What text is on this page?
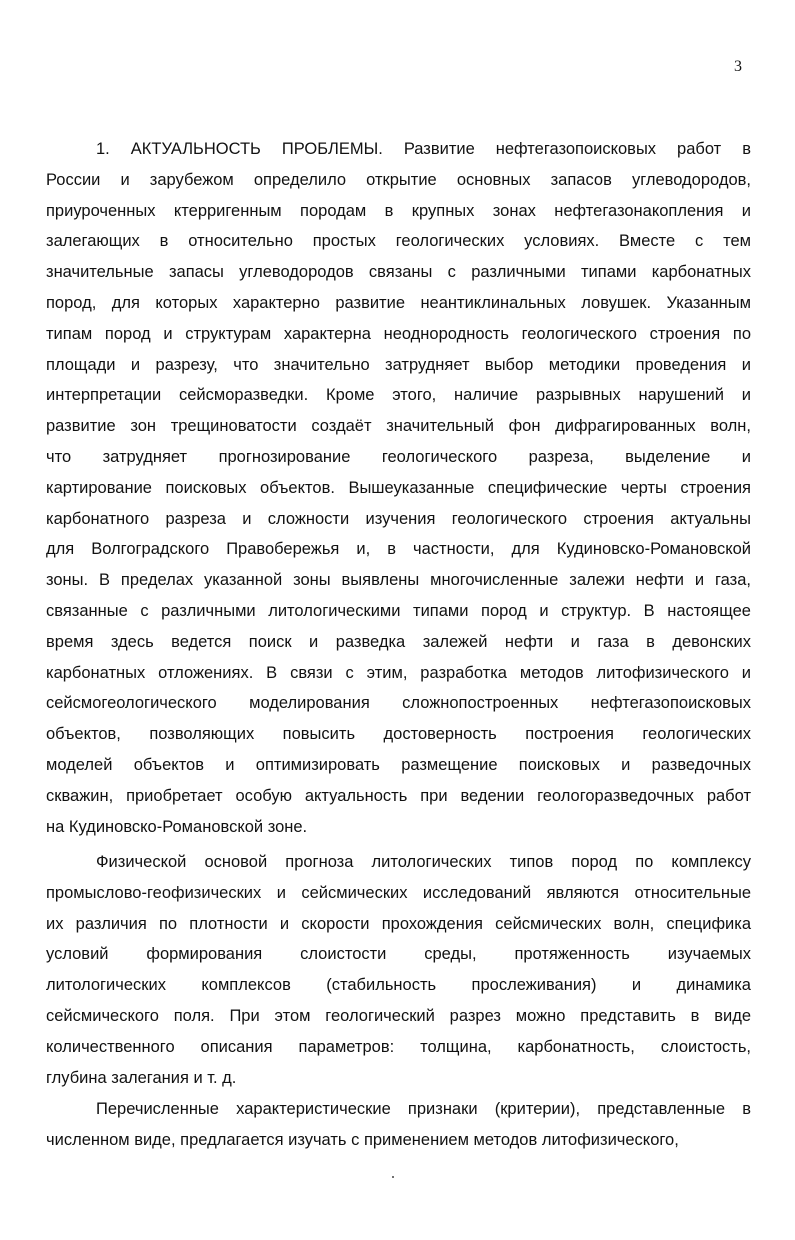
3
1. АКТУАЛЬНОСТЬ ПРОБЛЕМЫ. Развитие нефтегазопоисковых работ в
России и зарубежом определило открытие основных запасов углеводородов,
приуроченных ктерригенным породам в крупных зонах нефтегазонакопления и
залегающих в относительно простых геологических условиях. Вместе с тем
значительные запасы углеводородов связаны с различными типами карбонатных
пород, для которых характерно развитие неантиклинальных ловушек. Указанным
типам пород и структурам характерна неоднородность геологического строения по
площади и разрезу, что значительно затрудняет выбор методики проведения и
интерпретации сейсморазведки. Кроме этого, наличие разрывных нарушений и
развитие зон трещиноватости создаёт значительный фон дифрагированных волн,
что затрудняет прогнозирование геологического разреза, выделение и
картирование поисковых объектов. Вышеуказанные специфические черты строения
карбонатного разреза и сложности изучения геологического строения актуальны
для Волгоградского Правобережья и, в частности, для Кудиновско-Романовской
зоны. В пределах указанной зоны выявлены многочисленные залежи нефти и газа,
связанные с различными литологическими типами пород и структур. В настоящее
время здесь ведется поиск и разведка залежей нефти и газа в девонских
карбонатных отложениях. В связи с этим, разработка методов литофизического и
сейсмогеологического моделирования сложнопостроенных нефтегазопоисковых
объектов, позволяющих повысить достоверность построения геологических
моделей объектов и оптимизировать размещение поисковых и разведочных
скважин, приобретает особую актуальность при ведении геологоразведочных работ
на Кудиновско-Романовской зоне.
Физической основой прогноза литологических типов пород по комплексу
промыслово-геофизических и сейсмических исследований являются относительные
их различия по плотности и скорости прохождения сейсмических волн, специфика
условий формирования слоистости среды, протяженность изучаемых
литологических комплексов (стабильность прослеживания) и динамика
сейсмического поля. При этом геологический разрез можно представить в виде
количественного описания параметров: толщина, карбонатность, слоистость,
глубина залегания и т. д.
Перечисленные характеристические признаки (критерии), представленные в
численном виде, предлагается изучать с применением методов литофизического,
